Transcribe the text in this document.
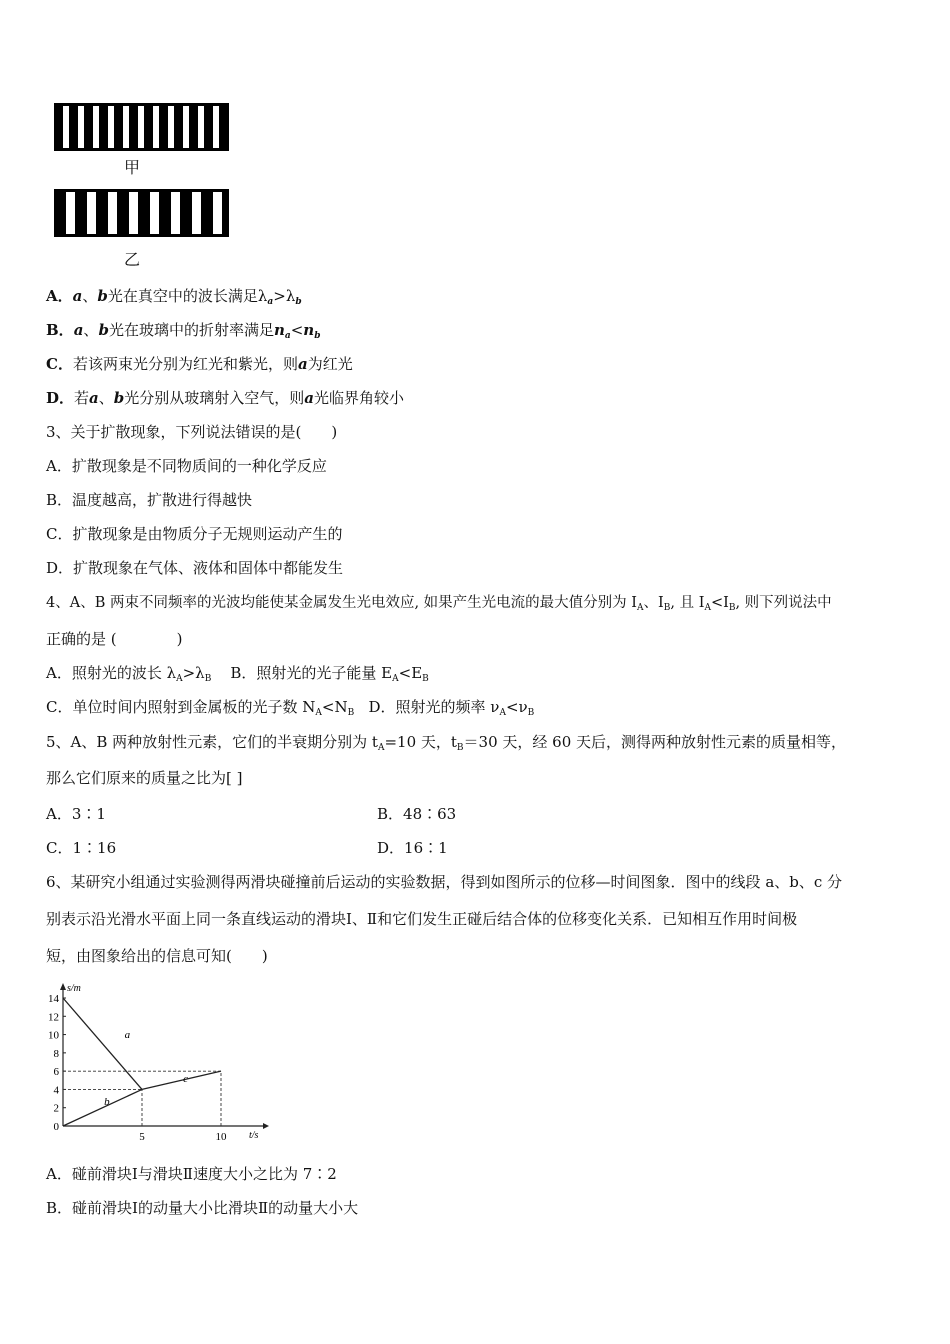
甲
乙
A．a、b光在真空中的波长满足$\lambda_a>\lambda_b$
B．a、b光在玻璃中的折射率满足$n_a<n_b$
C．若该两束光分别为红光和紫光，则a为红光
D．若a、b光分别从玻璃射入空气，则a光临界角较小
3、关于扩散现象，下列说法错误的是(　　)
A．扩散现象是不同物质间的一种化学反应
B．温度越高，扩散进行得越快
C．扩散现象是由物质分子无规则运动产生的
D．扩散现象在气体、液体和固体中都能发生
4、A、B 两束不同频率的光波均能使某金属发生光电效应, 如果产生光电流的最大值分别为 $I_A$、$I_B$, 且 $I_A<I_B$, 则下列说法中
正确的是 (　　　　)
A．照射光的波长 $\lambda_A>\lambda_B$ B．照射光的光子能量 $E_A<E_B$
C．单位时间内照射到金属板的光子数 $N_A<N_B$ D．照射光的频率 $\nu_A<\nu_B$
5、A、B 两种放射性元素，它们的半衰期分别为 $t_A=10$ 天，$t_B=30$ 天，经 60 天后，测得两种放射性元素的质量相等，
那么它们原来的质量之比为[ ]
A．3∶1	B．48∶63
C．1∶16	D．16∶1
6、某研究小组通过实验测得两滑块碰撞前后运动的实验数据，得到如图所示的位移—时间图象．图中的线段 a、b、c 分
别表示沿光滑水平面上同一条直线运动的滑块Ⅰ、Ⅱ和它们发生正碰后结合体的位移变化关系．已知相互作用时间极
短，由图象给出的信息可知(　　)
s/m
t/s
14
12
10
8
6
4
2
0
5	10
a
b
c
A．碰前滑块Ⅰ与滑块Ⅱ速度大小之比为 7∶2
B．碰前滑块Ⅰ的动量大小比滑块Ⅱ的动量大小大
